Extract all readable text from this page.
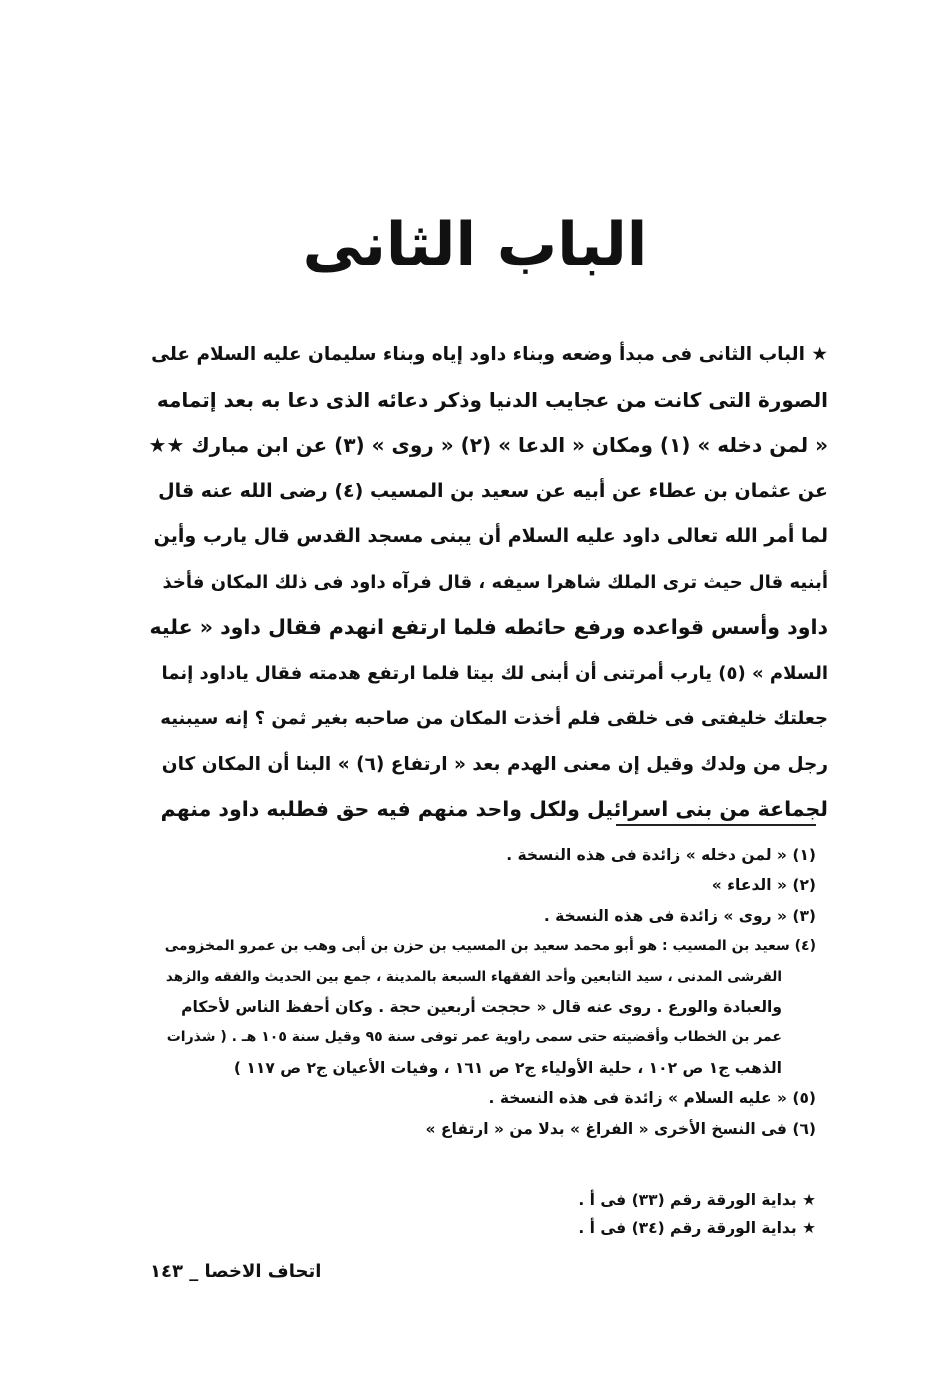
الباب الثانى
★ الباب الثانى فى مبدأ وضعه وبناء داود إياه وبناء سليمان عليه السلام على
الصورة التى كانت من عجايب الدنيا وذكر دعائه الذى دعا به بعد إتمامه
« لمن دخله » (١) ومكان « الدعا » (٢) « روى » (٣) عن ابن مبارك ★★
عن عثمان بن عطاء عن أبيه عن سعيد بن المسيب (٤) رضى الله عنه قال
لما أمر الله تعالى داود عليه السلام أن يبنى مسجد القدس قال يارب وأين
أبنيه قال حيث ترى الملك شاهرا سيفه ، قال فرآه داود فى ذلك المكان فأخذ
داود وأسس قواعده ورفع حائطه فلما ارتفع انهدم فقال داود « عليه
السلام » (٥) يارب أمرتنى أن أبنى لك بيتا فلما ارتفع هدمته فقال ياداود إنما
جعلتك خليفتى فى خلقى فلم أخذت المكان من صاحبه بغير ثمن ؟ إنه سيبنيه
رجل من ولدك وقيل إن معنى الهدم بعد « ارتفاع (٦) » البنا أن المكان كان
لجماعة من بنى اسرائيل ولكل واحد منهم فيه حق فطلبه داود منهم
(١) « لمن دخله » زائدة فى هذه النسخة .
(٢) « الدعاء »
(٣) « روى » زائدة فى هذه النسخة .
(٤) سعيد بن المسيب : هو أبو محمد سعيد بن المسيب بن حزن بن أبى وهب بن عمرو المخزومى
القرشى المدنى ، سيد التابعين وأحد الفقهاء السبعة بالمدينة ، جمع بين الحديث والفقه والزهد
والعبادة والورع . روى عنه قال « حججت أربعين حجة . وكان أحفظ الناس لأحكام
عمر بن الخطاب وأقضيته حتى سمى راوية عمر توفى سنة ٩٥ وقيل سنة ١٠٥ هـ . ( شذرات
الذهب ج١ ص ١٠٢ ، حلية الأولياء ج٢ ص ١٦١ ، وفيات الأعيان ج٢ ص ١١٧ )
(٥) « عليه السلام » زائدة فى هذه النسخة .
(٦) فى النسخ الأخرى « الفراغ » بدلا من « ارتفاع »
★ بداية الورقة رقم (٣٣) فى أ .
★ بداية الورقة رقم (٣٤) فى أ .
اتحاف الاخصا _ ١٤٣
